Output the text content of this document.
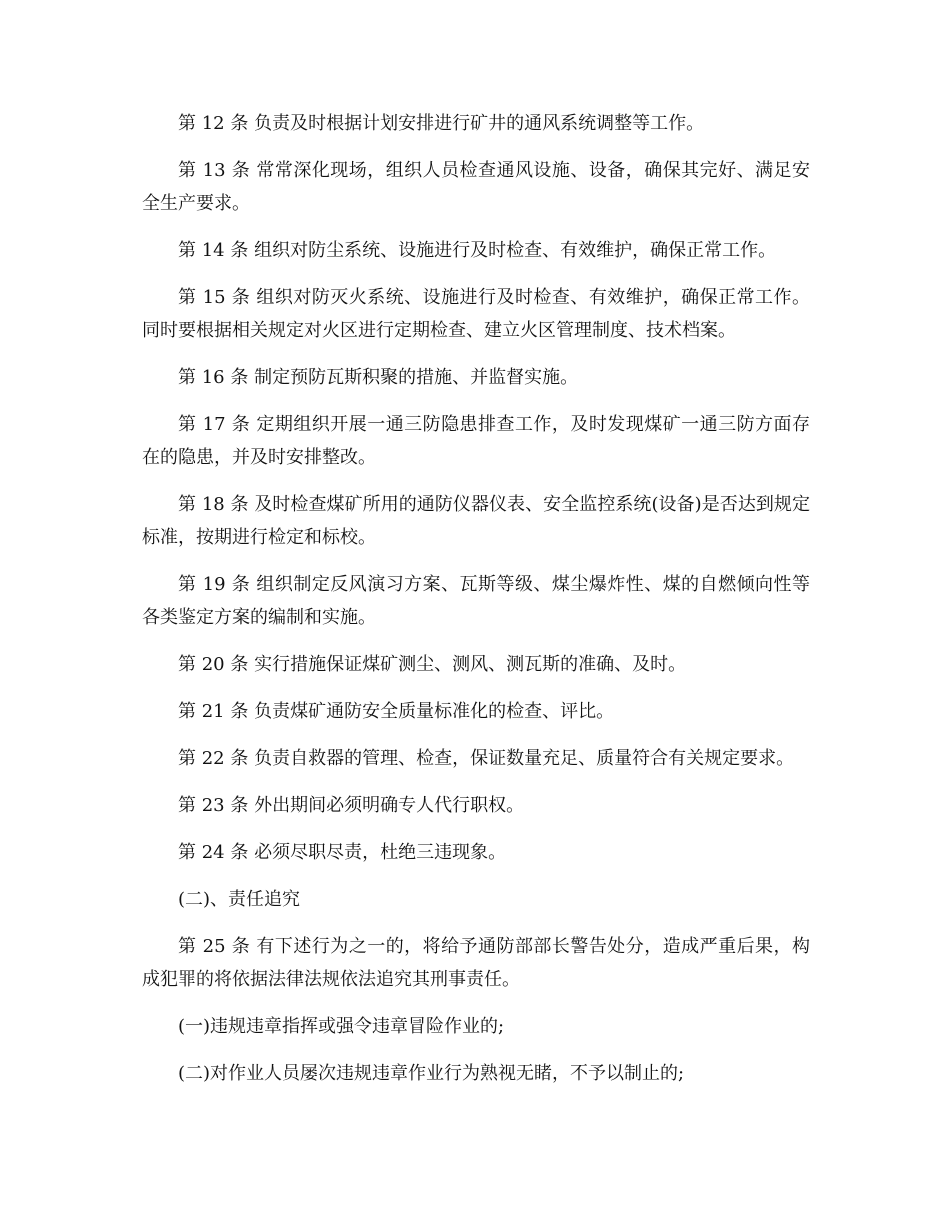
第 12 条 负责及时根据计划安排进行矿井的通风系统调整等工作。

第 13 条 常常深化现场，组织人员检查通风设施、设备，确保其完好、满足安全生产要求。

第 14 条 组织对防尘系统、设施进行及时检查、有效维护，确保正常工作。

第 15 条 组织对防灭火系统、设施进行及时检查、有效维护，确保正常工作。同时要根据相关规定对火区进行定期检查、建立火区管理制度、技术档案。

第 16 条 制定预防瓦斯积聚的措施、并监督实施。

第 17 条 定期组织开展一通三防隐患排查工作，及时发现煤矿一通三防方面存在的隐患，并及时安排整改。

第 18 条 及时检查煤矿所用的通防仪器仪表、安全监控系统(设备)是否达到规定标准，按期进行检定和标校。

第 19 条 组织制定反风演习方案、瓦斯等级、煤尘爆炸性、煤的自燃倾向性等各类鉴定方案的编制和实施。

第 20 条 实行措施保证煤矿测尘、测风、测瓦斯的准确、及时。

第 21 条 负责煤矿通防安全质量标准化的检查、评比。

第 22 条 负责自救器的管理、检查，保证数量充足、质量符合有关规定要求。

第 23 条 外出期间必须明确专人代行职权。

第 24 条 必须尽职尽责，杜绝三违现象。

(二)、责任追究

第 25 条 有下述行为之一的，将给予通防部部长警告处分，造成严重后果，构成犯罪的将依据法律法规依法追究其刑事责任。

(一)违规违章指挥或强令违章冒险作业的;

(二)对作业人员屡次违规违章作业行为熟视无睹，不予以制止的;
